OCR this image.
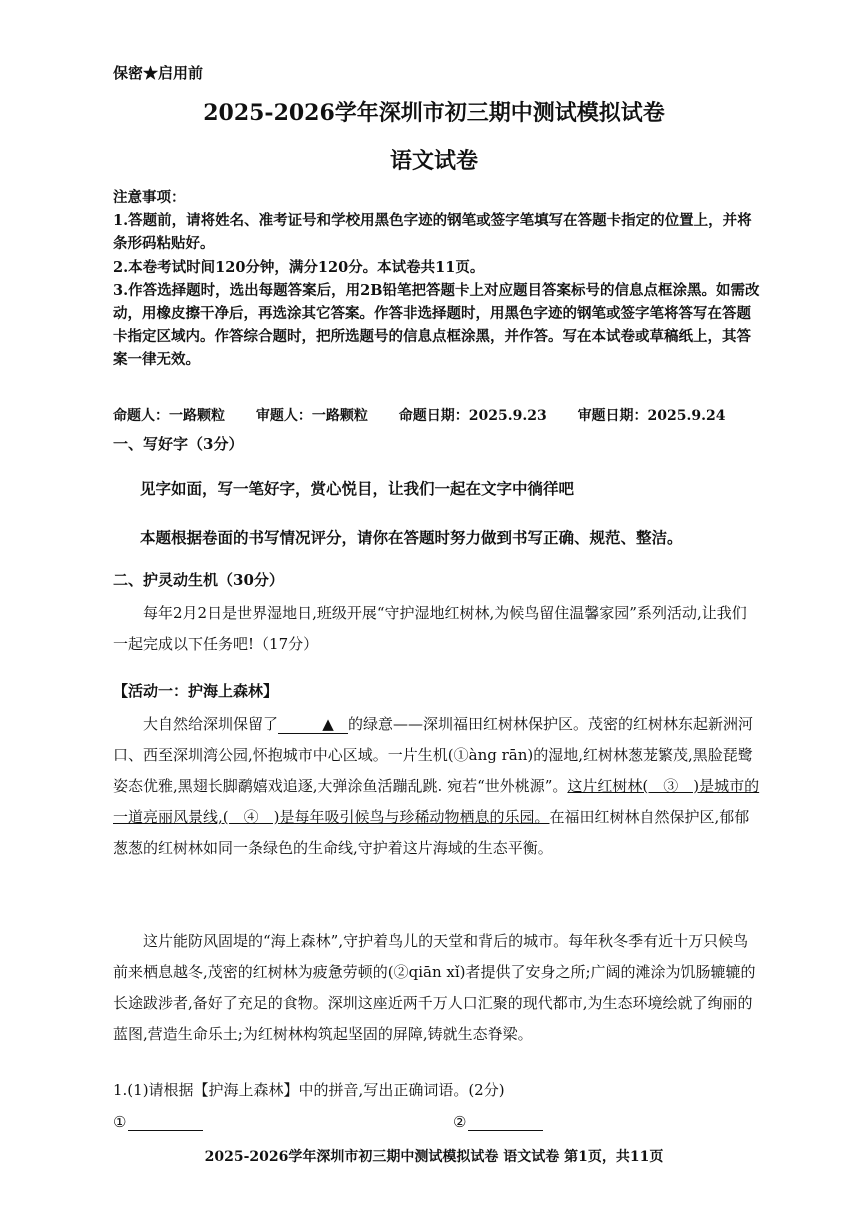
保密★启用前
2025-2026学年深圳市初三期中测试模拟试卷
语文试卷

注意事项：

1.答题前，请将姓名、准考证号和学校用黑色字迹的钢笔或签字笔填写在答题卡指定的位置上，并将条形码粘贴好。

2.本卷考试时间120分钟，满分120分。本试卷共11页。

3.作答选择题时，选出每题答案后，用2B铅笔把答题卡上对应题目答案标号的信息点框涂黑。如需改动，用橡皮擦干净后，再选涂其它答案。作答非选择题时，用黑色字迹的钢笔或签字笔将答写在答题卡指定区域内。作答综合题时，把所选题号的信息点框涂黑，并作答。写在本试卷或草稿纸上，其答案一律无效。

命题人：一路颗粒 审题人：一路颗粒 命题日期：2025.9.23 审题日期：2025.9.24
一、写好字（3分）
见字如面，写一笔好字，赏心悦目，让我们一起在文字中徜徉吧
本题根据卷面的书写情况评分，请你在答题时努力做到书写正确、规范、整洁。
二、护灵动生机（30分）

每年2月2日是世界湿地日,班级开展“守护湿地红树林,为候鸟留住温馨家园”系列活动,让我们一起完成以下任务吧!（17分）

【活动一：护海上森林】

大自然给深圳保留了	▲ 的绿意——深圳福田红树林保护区。茂密的红树林东起新洲河口、西至深圳湾公园,怀抱城市中心区域。一片生机(①àng rān)的湿地,红树林葱茏繁茂,黑脸琵鹭姿态优雅,黑翅长脚鹬嬉戏追逐,大弹涂鱼活蹦乱跳. 宛若“世外桃源”。这片红树林(　③　)是城市的一道亮丽风景线,(　④　)是每年吸引候鸟与珍稀动物栖息的乐园。在福田红树林自然保护区,郁郁葱葱的红树林如同一条绿色的生命线,守护着这片海域的生态平衡。

这片能防风固堤的“海上森林”,守护着鸟儿的天堂和背后的城市。每年秋冬季有近十万只候鸟前来栖息越冬,茂密的红树林为疲惫劳顿的(②qiān xǐ)者提供了安身之所;广阔的滩涂为饥肠辘辘的长途跋涉者,备好了充足的食物。深圳这座近两千万人口汇聚的现代都市,为生态环境绘就了绚丽的蓝图,营造生命乐土;为红树林构筑起坚固的屏障,铸就生态脊梁。

1.(1)请根据【护海上森林】中的拼音,写出正确词语。(2分)
①	②
2025-2026学年深圳市初三期中测试模拟试卷 语文试卷 第1页，共11页
